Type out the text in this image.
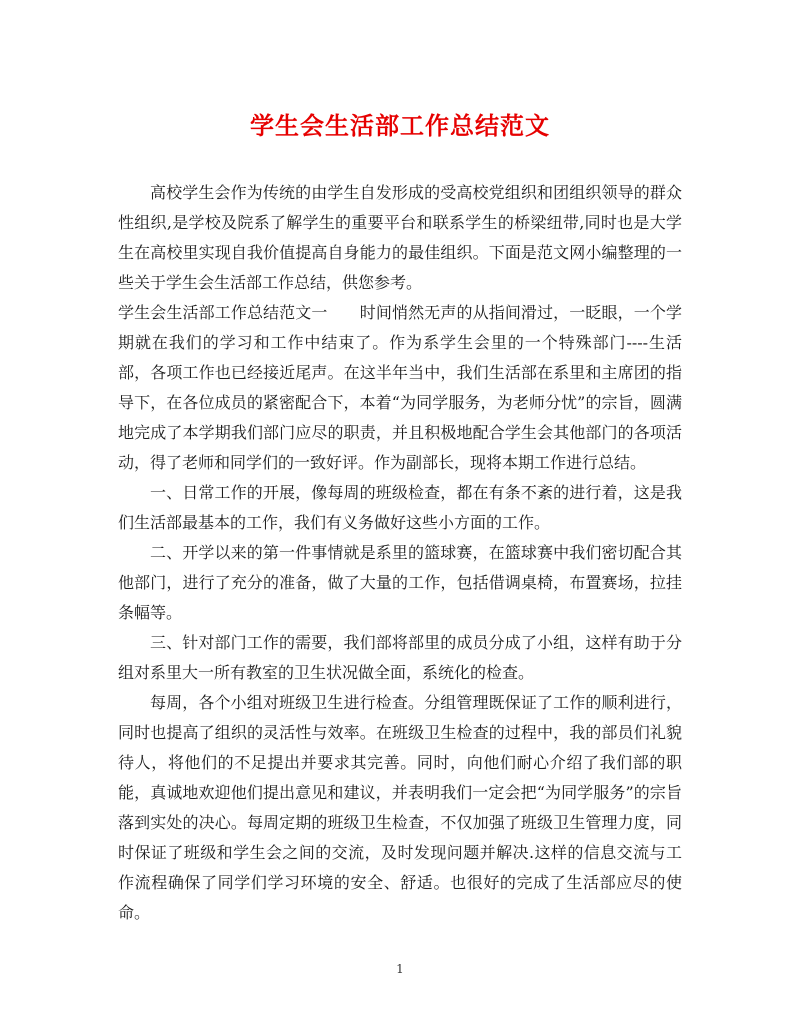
学生会生活部工作总结范文

高校学生会作为传统的由学生自发形成的受高校党组织和团组织领导的群众性组织,是学校及院系了解学生的重要平台和联系学生的桥梁纽带,同时也是大学生在高校里实现自我价值提高自身能力的最佳组织。下面是范文网小编整理的一些关于学生会生活部工作总结，供您参考。

学生会生活部工作总结范文一　　时间悄然无声的从指间滑过，一眨眼，一个学期就在我们的学习和工作中结束了。作为系学生会里的一个特殊部门----生活部，各项工作也已经接近尾声。在这半年当中，我们生活部在系里和主席团的指导下，在各位成员的紧密配合下，本着“为同学服务，为老师分忧”的宗旨，圆满地完成了本学期我们部门应尽的职责，并且积极地配合学生会其他部门的各项活动，得了老师和同学们的一致好评。作为副部长，现将本期工作进行总结。

一、日常工作的开展，像每周的班级检查，都在有条不紊的进行着，这是我们生活部最基本的工作，我们有义务做好这些小方面的工作。

二、开学以来的第一件事情就是系里的篮球赛，在篮球赛中我们密切配合其他部门，进行了充分的准备，做了大量的工作，包括借调桌椅，布置赛场，拉挂条幅等。

三、针对部门工作的需要，我们部将部里的成员分成了小组，这样有助于分组对系里大一所有教室的卫生状况做全面，系统化的检查。

每周，各个小组对班级卫生进行检查。分组管理既保证了工作的顺利进行，同时也提高了组织的灵活性与效率。在班级卫生检查的过程中，我的部员们礼貌待人，将他们的不足提出并要求其完善。同时，向他们耐心介绍了我们部的职能，真诚地欢迎他们提出意见和建议，并表明我们一定会把“为同学服务”的宗旨落到实处的决心。每周定期的班级卫生检查，不仅加强了班级卫生管理力度，同时保证了班级和学生会之间的交流，及时发现问题并解决.这样的信息交流与工作流程确保了同学们学习环境的安全、舒适。也很好的完成了生活部应尽的使命。

1
